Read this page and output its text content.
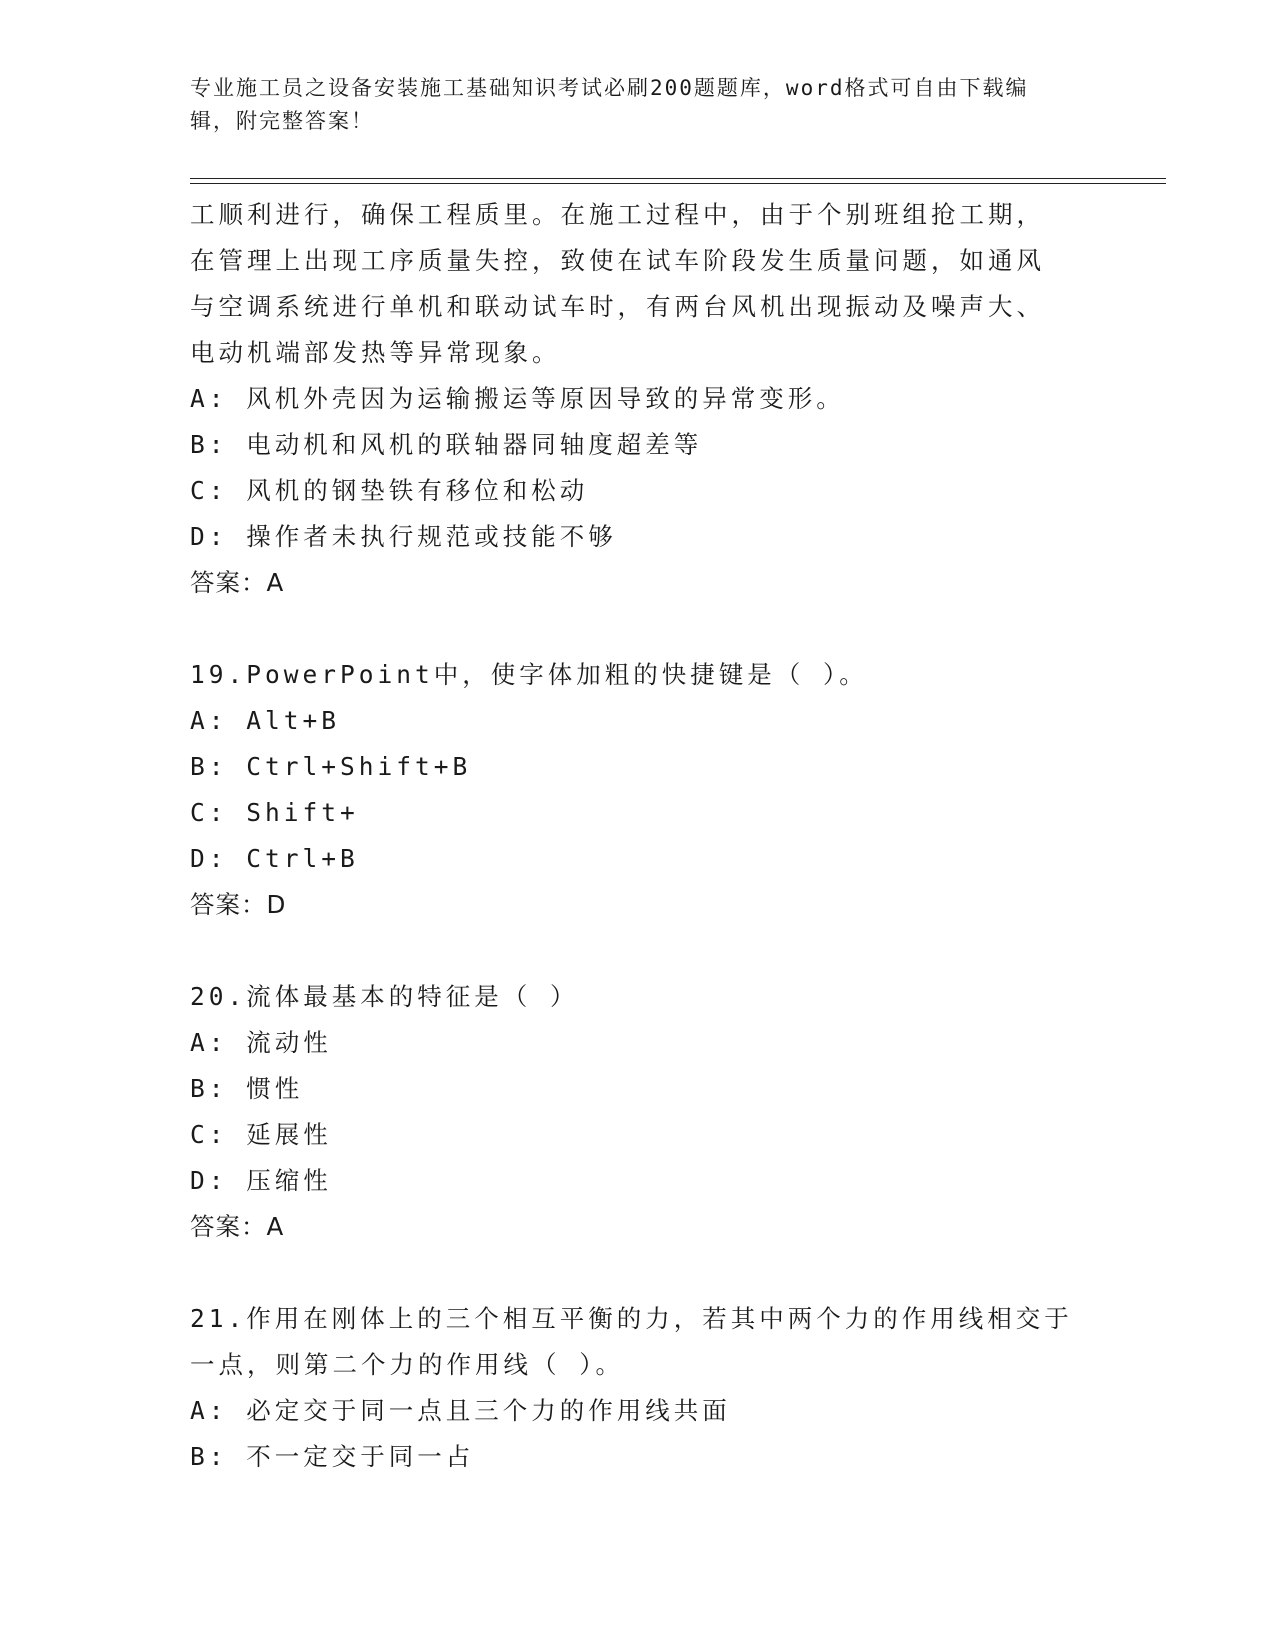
专业施工员之设备安装施工基础知识考试必刷200题题库，word格式可自由下载编辑，附完整答案！
工顺利进行，确保工程质里。在施工过程中，由于个别班组抢工期，
在管理上出现工序质量失控，致使在试车阶段发生质量问题，如通风
与空调系统进行单机和联动试车时，有两台风机出现振动及噪声大、
电动机端部发热等异常现象。
A: 风机外壳因为运输搬运等原因导致的异常变形。
B: 电动机和风机的联轴器同轴度超差等
C: 风机的钢垫铁有移位和松动
D: 操作者未执行规范或技能不够
答案：A
19.PowerPoint中，使字体加粗的快捷键是（ ）。
A: Alt+B
B: Ctrl+Shift+B
C: Shift+
D: Ctrl+B
答案：D
20.流体最基本的特征是（ ）
A: 流动性
B: 惯性
C: 延展性
D: 压缩性
答案：A
21.作用在刚体上的三个相互平衡的力，若其中两个力的作用线相交于
一点，则第二个力的作用线（ ）。
A: 必定交于同一点且三个力的作用线共面
B: 不一定交于同一占
